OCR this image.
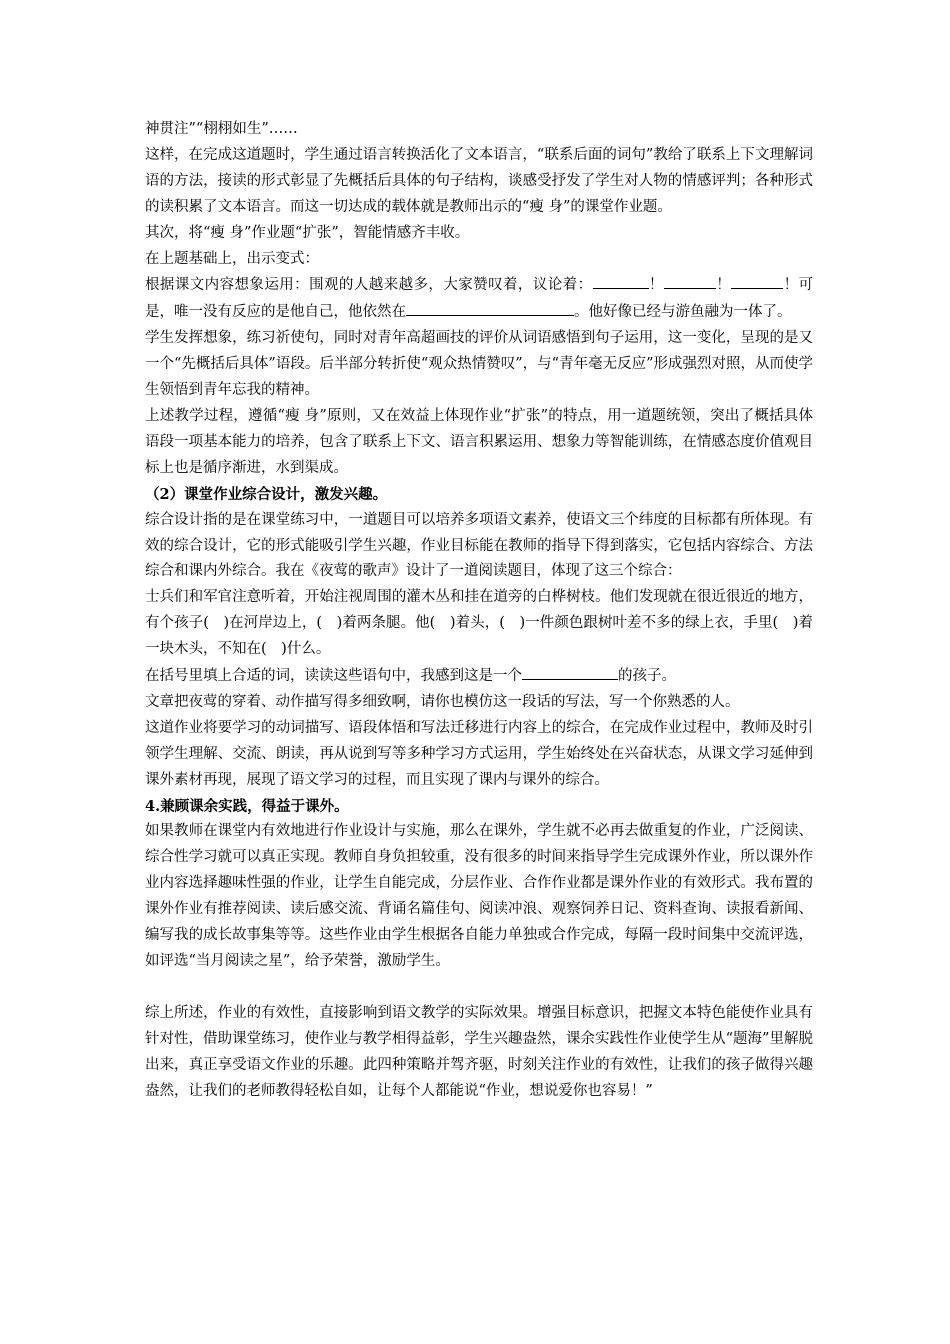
神贯注”“栩栩如生”……

这样，在完成这道题时，学生通过语言转换活化了文本语言，“联系后面的词句”教给了联系上下文理解词语的方法，接读的形式彰显了先概括后具体的句子结构，谈感受抒发了学生对人物的情感评判；各种形式的读积累了文本语言。而这一切达成的载体就是教师出示的“瘦 身”的课堂作业题。

其次，将“瘦 身”作业题“扩张”，智能情感齐丰收。

在上题基础上，出示变式：

根据课文内容想象运用：围观的人越来越多，大家赞叹着，议论着：	！	！	！可是，唯一没有反应的是他自己，他依然在	。他好像已经与游鱼融为一体了。

学生发挥想象，练习祈使句，同时对青年高超画技的评价从词语感悟到句子运用，这一变化，呈现的是又一个“先概括后具体”语段。后半部分转折使“观众热情赞叹”，与“青年毫无反应”形成强烈对照，从而使学生领悟到青年忘我的精神。

上述教学过程，遵循“瘦 身”原则，又在效益上体现作业“扩张”的特点，用一道题统领，突出了概括具体语段一项基本能力的培养，包含了联系上下文、语言积累运用、想象力等智能训练，在情感态度价值观目标上也是循序渐进，水到渠成。

（2）课堂作业综合设计，激发兴趣。

综合设计指的是在课堂练习中，一道题目可以培养多项语文素养，使语文三个纬度的目标都有所体现。有效的综合设计，它的形式能吸引学生兴趣，作业目标能在教师的指导下得到落实，它包括内容综合、方法综合和课内外综合。我在《夜莺的歌声》设计了一道阅读题目，体现了这三个综合：

士兵们和军官注意听着，开始注视周围的灌木丛和挂在道旁的白桦树枝。他们发现就在很近很近的地方，有个孩子(　)在河岸边上，(　)着两条腿。他(　)着头，(　)一件颜色跟树叶差不多的绿上衣，手里(　)着一块木头，不知在(　)什么。

在括号里填上合适的词，读读这些语句中，我感到这是一个	的孩子。

文章把夜莺的穿着、动作描写得多细致啊，请你也模仿这一段话的写法，写一个你熟悉的人。

这道作业将要学习的动词描写、语段体悟和写法迁移进行内容上的综合，在完成作业过程中，教师及时引领学生理解、交流、朗读，再从说到写等多种学习方式运用，学生始终处在兴奋状态，从课文学习延伸到课外素材再现，展现了语文学习的过程，而且实现了课内与课外的综合。

4.兼顾课余实践，得益于课外。

如果教师在课堂内有效地进行作业设计与实施，那么在课外，学生就不必再去做重复的作业，广泛阅读、综合性学习就可以真正实现。教师自身负担较重，没有很多的时间来指导学生完成课外作业，所以课外作业内容选择趣味性强的作业，让学生自能完成，分层作业、合作作业都是课外作业的有效形式。我布置的课外作业有推荐阅读、读后感交流、背诵名篇佳句、阅读冲浪、观察饲养日记、资料查询、读报看新闻、编写我的成长故事集等等。这些作业由学生根据各自能力单独或合作完成，每隔一段时间集中交流评选，如评选“当月阅读之星”，给予荣誉，激励学生。

综上所述，作业的有效性，直接影响到语文教学的实际效果。增强目标意识，把握文本特色能使作业具有针对性，借助课堂练习，使作业与教学相得益彰，学生兴趣盎然，课余实践性作业使学生从“题海”里解脱出来，真正享受语文作业的乐趣。此四种策略并驾齐驱，时刻关注作业的有效性，让我们的孩子做得兴趣盎然，让我们的老师教得轻松自如，让每个人都能说“作业，想说爱你也容易！”
